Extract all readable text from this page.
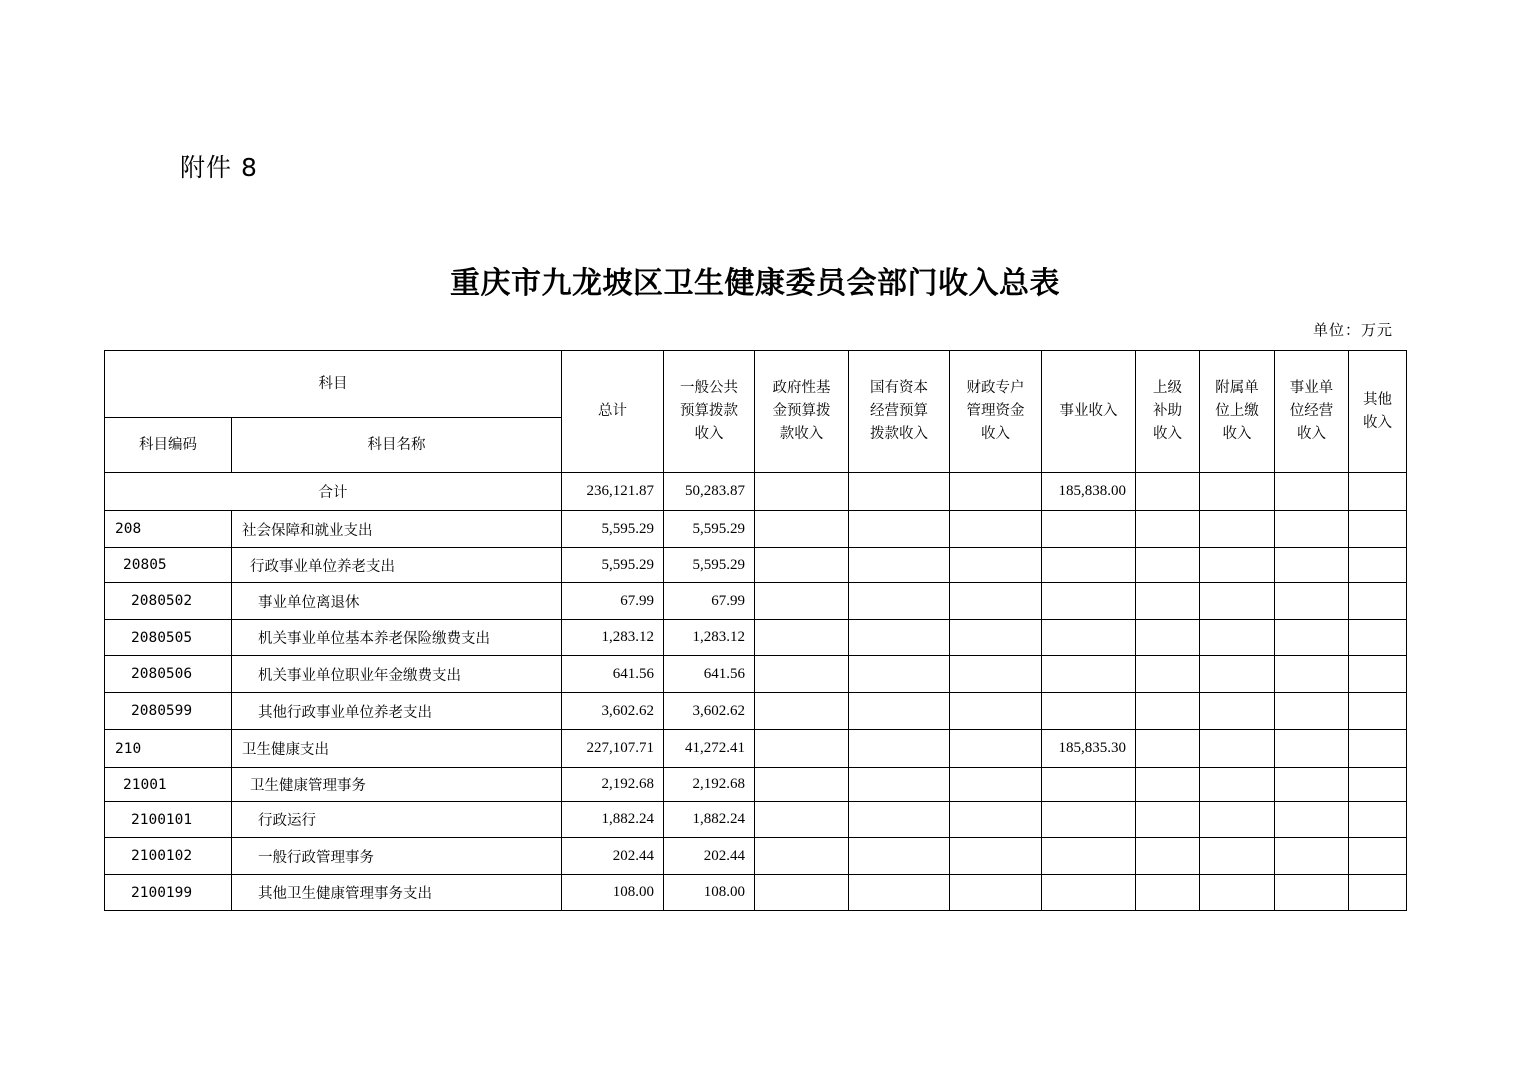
附件 8
重庆市九龙坡区卫生健康委员会部门收入总表
单位：万元
科目		总计	一般公共
预算拨款
收入	政府性基
金预算拨
款收入	国有资本
经营预算
拨款收入	财政专户
管理资金
收入	事业收入	上级
补助
收入	附属单
位上缴
收入	事业单
位经营
收入	其他
收入
科目编码	科目名称										
合计		236,121.87	50,283.87				185,838.00				
208	社会保障和就业支出	5,595.29	5,595.29								
20805	行政事业单位养老支出	5,595.29	5,595.29								
2080502	事业单位离退休	67.99	67.99								
2080505	机关事业单位基本养老保险缴费支出	1,283.12	1,283.12								
2080506	机关事业单位职业年金缴费支出	641.56	641.56								
2080599	其他行政事业单位养老支出	3,602.62	3,602.62								
210	卫生健康支出	227,107.71	41,272.41				185,835.30				
21001	卫生健康管理事务	2,192.68	2,192.68								
2100101	行政运行	1,882.24	1,882.24								
2100102	一般行政管理事务	202.44	202.44								
2100199	其他卫生健康管理事务支出	108.00	108.00								
